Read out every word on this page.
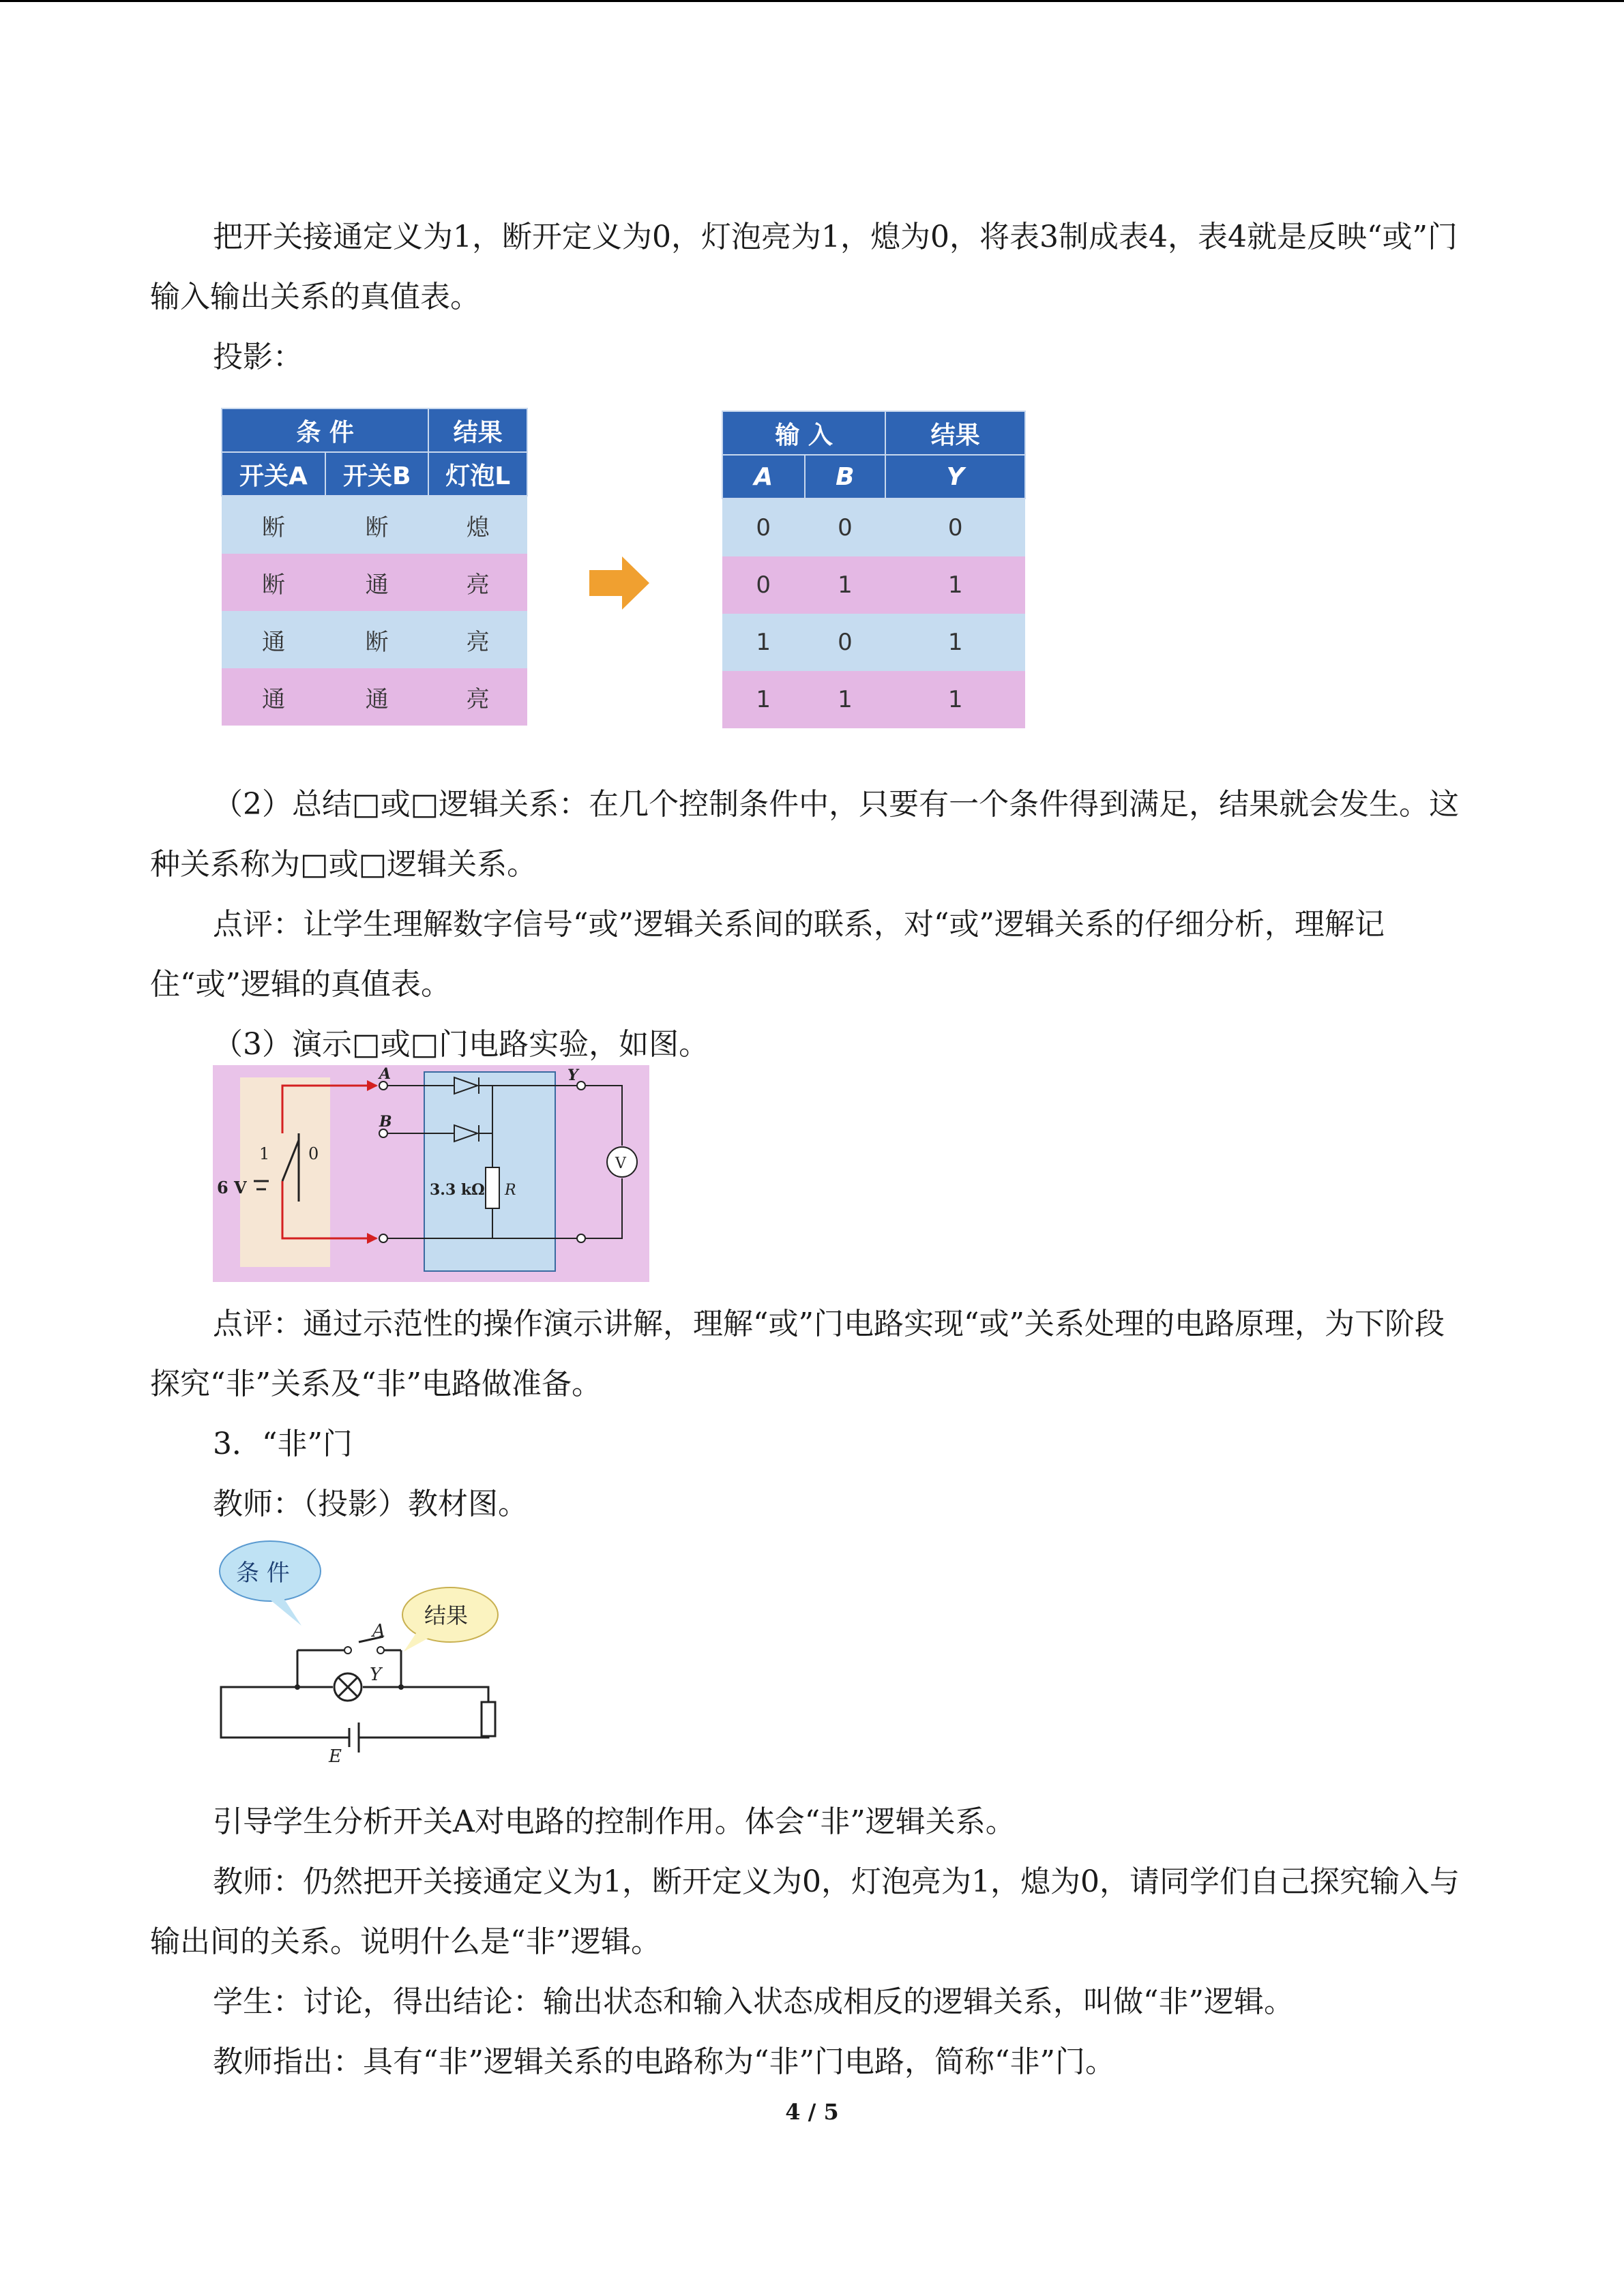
把开关接通定义为1，断开定义为0，灯泡亮为1，熄为0，将表3制成表4，表4就是反映“或”门输入输出关系的真值表。

投影：

条 件		结果
开关A	开关B	灯泡L
断	断	熄
断	通	亮
通	断	亮
通	通	亮
输 入		结果
A	B	Y
0	0	0
0	1	1
1	0	1
1	1	1

（2）总结□或□逻辑关系：在几个控制条件中，只要有一个条件得到满足，结果就会发生。这种关系称为□或□逻辑关系。

点评：让学生理解数字信号“或”逻辑关系间的联系，对“或”逻辑关系的仔细分析，理解记住“或”逻辑的真值表。

（3）演示□或□门电路实验，如图。

1 0
6 V
A
B
Y
3.3 kΩ R
V

点评：通过示范性的操作演示讲解，理解“或”门电路实现“或”关系处理的电路原理，为下阶段探究“非”关系及“非”电路做准备。

3．“非”门

教师：（投影）教材图。

条 件
结果
A
Y
E

引导学生分析开关A对电路的控制作用。体会“非”逻辑关系。

教师：仍然把开关接通定义为1，断开定义为0，灯泡亮为1，熄为0，请同学们自己探究输入与输出间的关系。说明什么是“非”逻辑。

学生：讨论，得出结论：输出状态和输入状态成相反的逻辑关系，叫做“非”逻辑。

教师指出：具有“非”逻辑关系的电路称为“非”门电路，简称“非”门。

4 / 5
